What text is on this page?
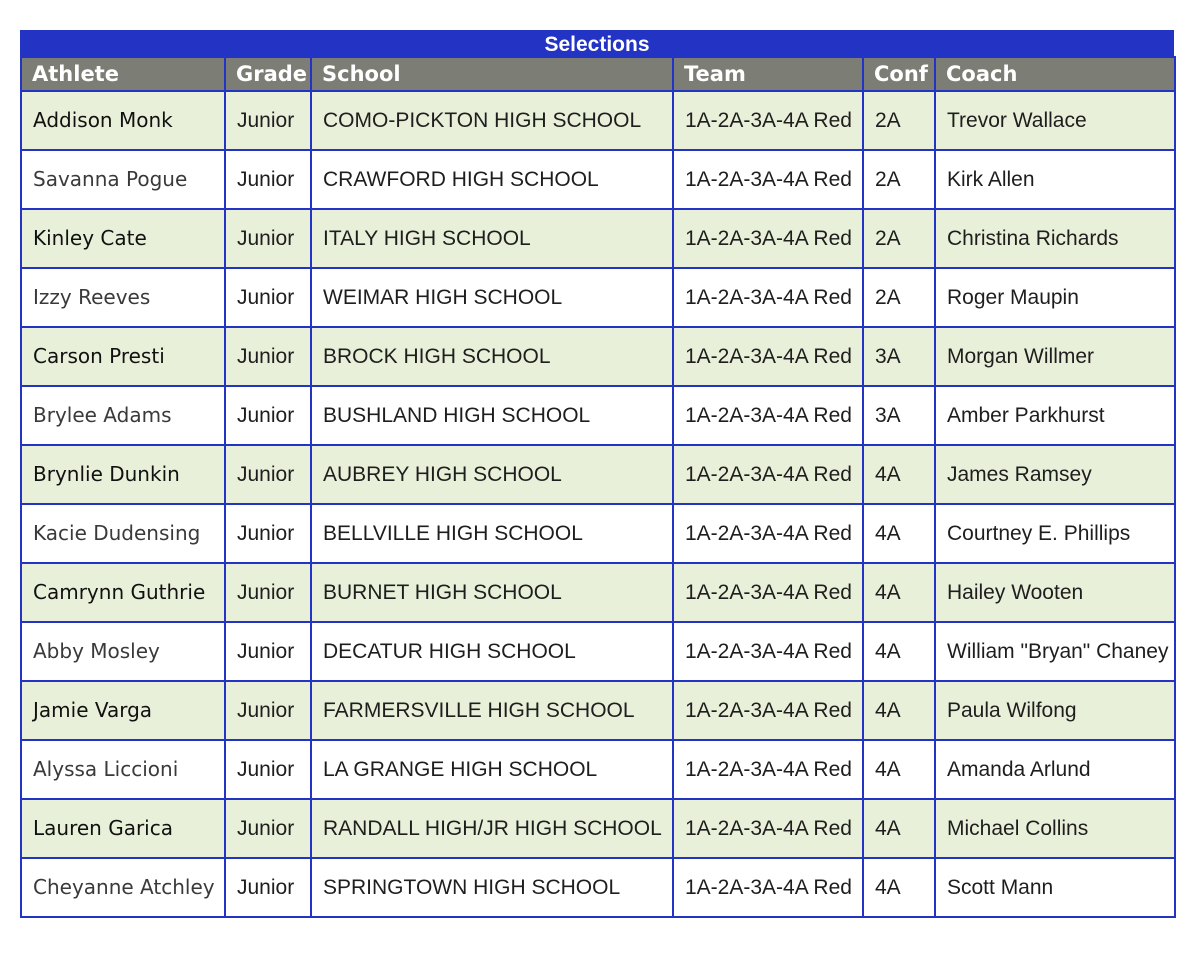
Selections
Athlete	Grade	School	Team	Conf	Coach
Addison Monk	Junior	COMO-PICKTON HIGH SCHOOL	1A-2A-3A-4A Red	2A	Trevor Wallace
Savanna Pogue	Junior	CRAWFORD HIGH SCHOOL	1A-2A-3A-4A Red	2A	Kirk Allen
Kinley Cate	Junior	ITALY HIGH SCHOOL	1A-2A-3A-4A Red	2A	Christina Richards
Izzy Reeves	Junior	WEIMAR HIGH SCHOOL	1A-2A-3A-4A Red	2A	Roger Maupin
Carson Presti	Junior	BROCK HIGH SCHOOL	1A-2A-3A-4A Red	3A	Morgan Willmer
Brylee Adams	Junior	BUSHLAND HIGH SCHOOL	1A-2A-3A-4A Red	3A	Amber Parkhurst
Brynlie Dunkin	Junior	AUBREY HIGH SCHOOL	1A-2A-3A-4A Red	4A	James Ramsey
Kacie Dudensing	Junior	BELLVILLE HIGH SCHOOL	1A-2A-3A-4A Red	4A	Courtney E. Phillips
Camrynn Guthrie	Junior	BURNET HIGH SCHOOL	1A-2A-3A-4A Red	4A	Hailey Wooten
Abby Mosley	Junior	DECATUR HIGH SCHOOL	1A-2A-3A-4A Red	4A	William "Bryan" Chaney
Jamie Varga	Junior	FARMERSVILLE HIGH SCHOOL	1A-2A-3A-4A Red	4A	Paula Wilfong
Alyssa Liccioni	Junior	LA GRANGE HIGH SCHOOL	1A-2A-3A-4A Red	4A	Amanda Arlund
Lauren Garica	Junior	RANDALL HIGH/JR HIGH SCHOOL	1A-2A-3A-4A Red	4A	Michael Collins
Cheyanne Atchley	Junior	SPRINGTOWN HIGH SCHOOL	1A-2A-3A-4A Red	4A	Scott Mann
